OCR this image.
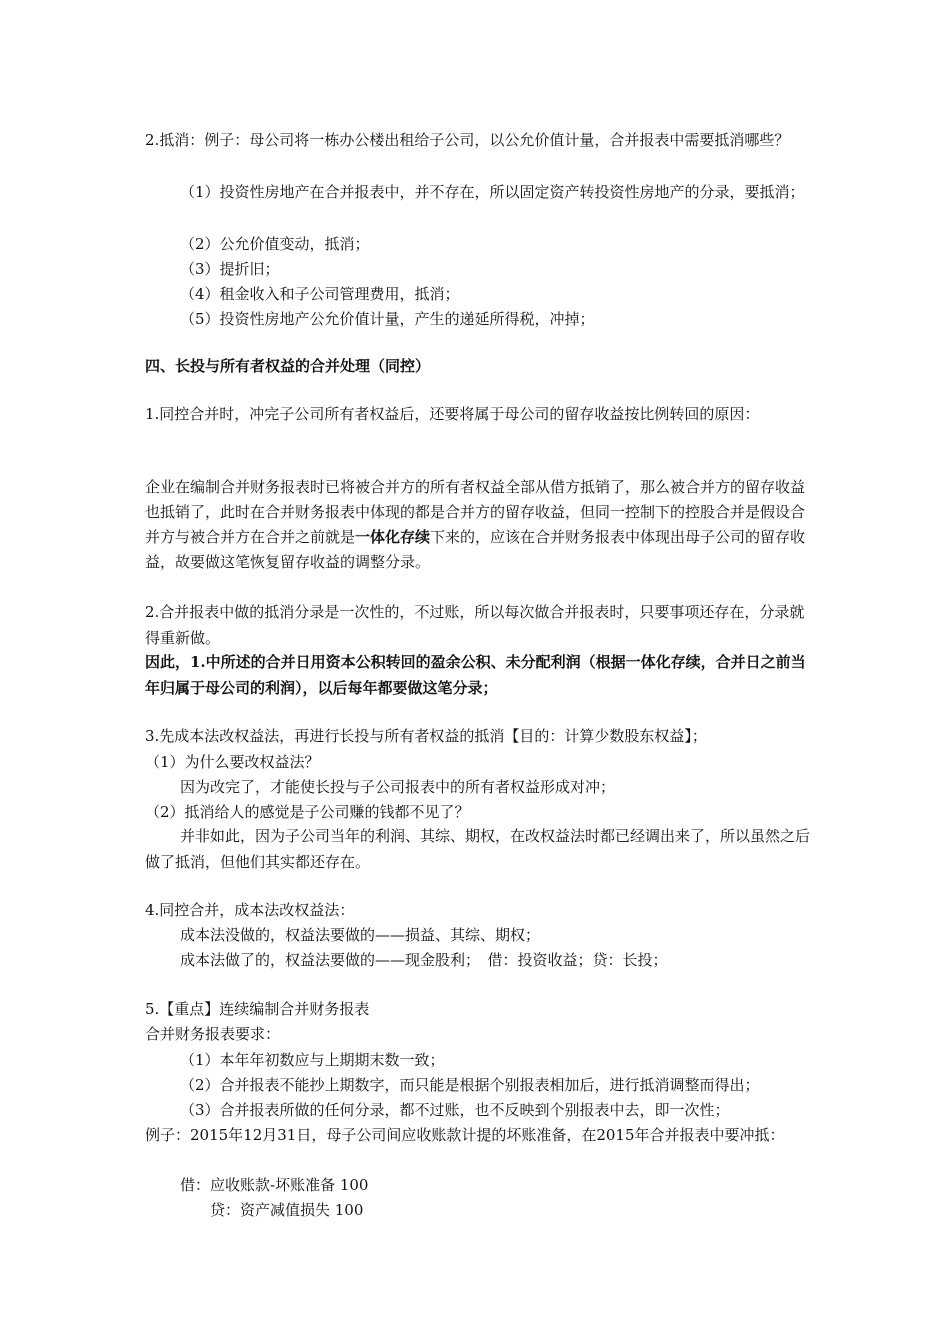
2.抵消：例子：母公司将一栋办公楼出租给子公司，以公允价值计量，合并报表中需要抵消哪些？

（1）投资性房地产在合并报表中，并不存在，所以固定资产转投资性房地产的分录，要抵消；

（2）公允价值变动，抵消；

（3）提折旧；

（4）租金收入和子公司管理费用，抵消；

（5）投资性房地产公允价值计量，产生的递延所得税，冲掉；

四、长投与所有者权益的合并处理（同控）

1.同控合并时，冲完子公司所有者权益后，还要将属于母公司的留存收益按比例转回的原因：

企业在编制合并财务报表时已将被合并方的所有者权益全部从借方抵销了，那么被合并方的留存收益也抵销了，此时在合并财务报表中体现的都是合并方的留存收益，但同一控制下的控股合并是假设合并方与被合并方在合并之前就是一体化存续下来的，应该在合并财务报表中体现出母子公司的留存收益，故要做这笔恢复留存收益的调整分录。

2.合并报表中做的抵消分录是一次性的，不过账，所以每次做合并报表时，只要事项还存在，分录就得重新做。

因此，1.中所述的合并日用资本公积转回的盈余公积、未分配利润（根据一体化存续，合并日之前当年归属于母公司的利润），以后每年都要做这笔分录；

3.先成本法改权益法，再进行长投与所有者权益的抵消【目的：计算少数股东权益】；

（1）为什么要改权益法？

因为改完了，才能使长投与子公司报表中的所有者权益形成对冲；

（2）抵消给人的感觉是子公司赚的钱都不见了？

并非如此，因为子公司当年的利润、其综、期权，在改权益法时都已经调出来了，所以虽然之后做了抵消，但他们其实都还存在。

4.同控合并，成本法改权益法：

成本法没做的，权益法要做的——损益、其综、期权；

成本法做了的，权益法要做的——现金股利；　借：投资收益；贷：长投；

5.【重点】连续编制合并财务报表

合并财务报表要求：

（1）本年年初数应与上期期末数一致；

（2）合并报表不能抄上期数字，而只能是根据个别报表相加后，进行抵消调整而得出；

（3）合并报表所做的任何分录，都不过账，也不反映到个别报表中去，即一次性；

例子：2015年12月31日，母子公司间应收账款计提的坏账准备，在2015年合并报表中要冲抵：

借：应收账款-坏账准备 100

贷：资产减值损失 100
